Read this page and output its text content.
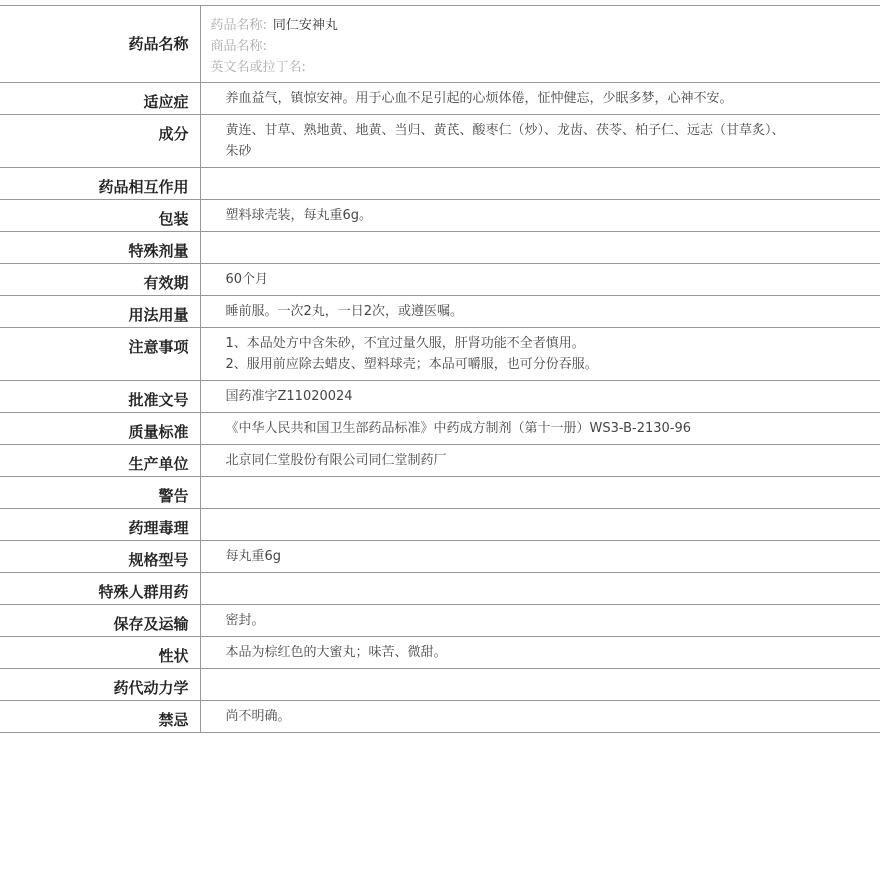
药品名称	药品名称: 同仁安神丸
商品名称:
英文名或拉丁名:

适应症	养血益气，镇惊安神。用于心血不足引起的心烦体倦，怔忡健忘，少眠多梦，心神不安。

成分	黄连、甘草、熟地黄、地黄、当归、黄芪、酸枣仁（炒）、龙齿、茯苓、柏子仁、远志（甘草炙）、朱砂

药品相互作用	

包装	塑料球壳装，每丸重6g。

特殊剂量	

有效期	60个月

用法用量	睡前服。一次2丸，一日2次，或遵医嘱。

注意事项	1、本品处方中含朱砂，不宜过量久服，肝肾功能不全者慎用。
2、服用前应除去蜡皮、塑料球壳；本品可嚼服，也可分份吞服。

批准文号	国药准字Z11020024

质量标准	《中华人民共和国卫生部药品标准》中药成方制剂（第十一册）WS3-B-2130-96

生产单位	北京同仁堂股份有限公司同仁堂制药厂

警告	

药理毒理	

规格型号	每丸重6g

特殊人群用药	

保存及运输	密封。

性状	本品为棕红色的大蜜丸；味苦、微甜。

药代动力学	

禁忌	尚不明确。
